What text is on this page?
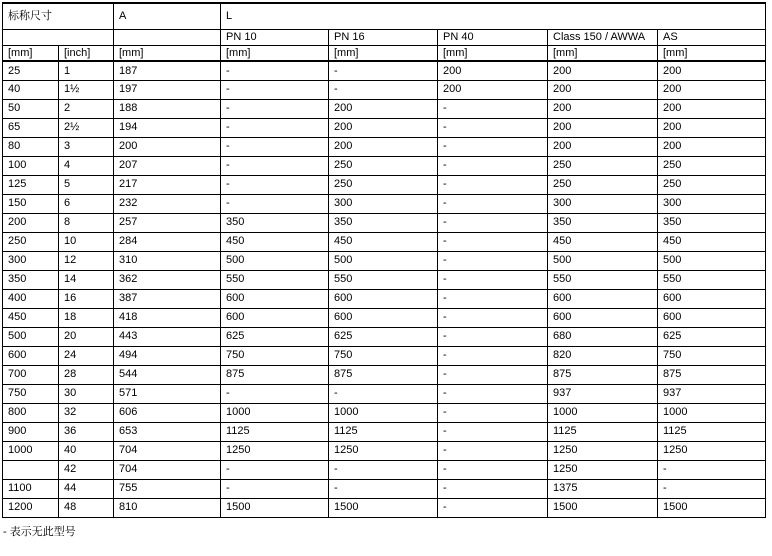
标称尺寸		A	L				
			PN 10	PN 16	PN 40	Class 150 / AWWA	AS
[mm]	[inch]	[mm]	[mm]	[mm]	[mm]	[mm]	[mm]
25	1	187	-	-	200	200	200
40	1½	197	-	-	200	200	200
50	2	188	-	200	-	200	200
65	2½	194	-	200	-	200	200
80	3	200	-	200	-	200	200
100	4	207	-	250	-	250	250
125	5	217	-	250	-	250	250
150	6	232	-	300	-	300	300
200	8	257	350	350	-	350	350
250	10	284	450	450	-	450	450
300	12	310	500	500	-	500	500
350	14	362	550	550	-	550	550
400	16	387	600	600	-	600	600
450	18	418	600	600	-	600	600
500	20	443	625	625	-	680	625
600	24	494	750	750	-	820	750
700	28	544	875	875	-	875	875
750	30	571	-	-	-	937	937
800	32	606	1000	1000	-	1000	1000
900	36	653	1125	1125	-	1125	1125
1000	40	704	1250	1250	-	1250	1250
	42	704	-	-	-	1250	-
1100	44	755	-	-	-	1375	-
1200	48	810	1500	1500	-	1500	1500
- 表示无此型号
